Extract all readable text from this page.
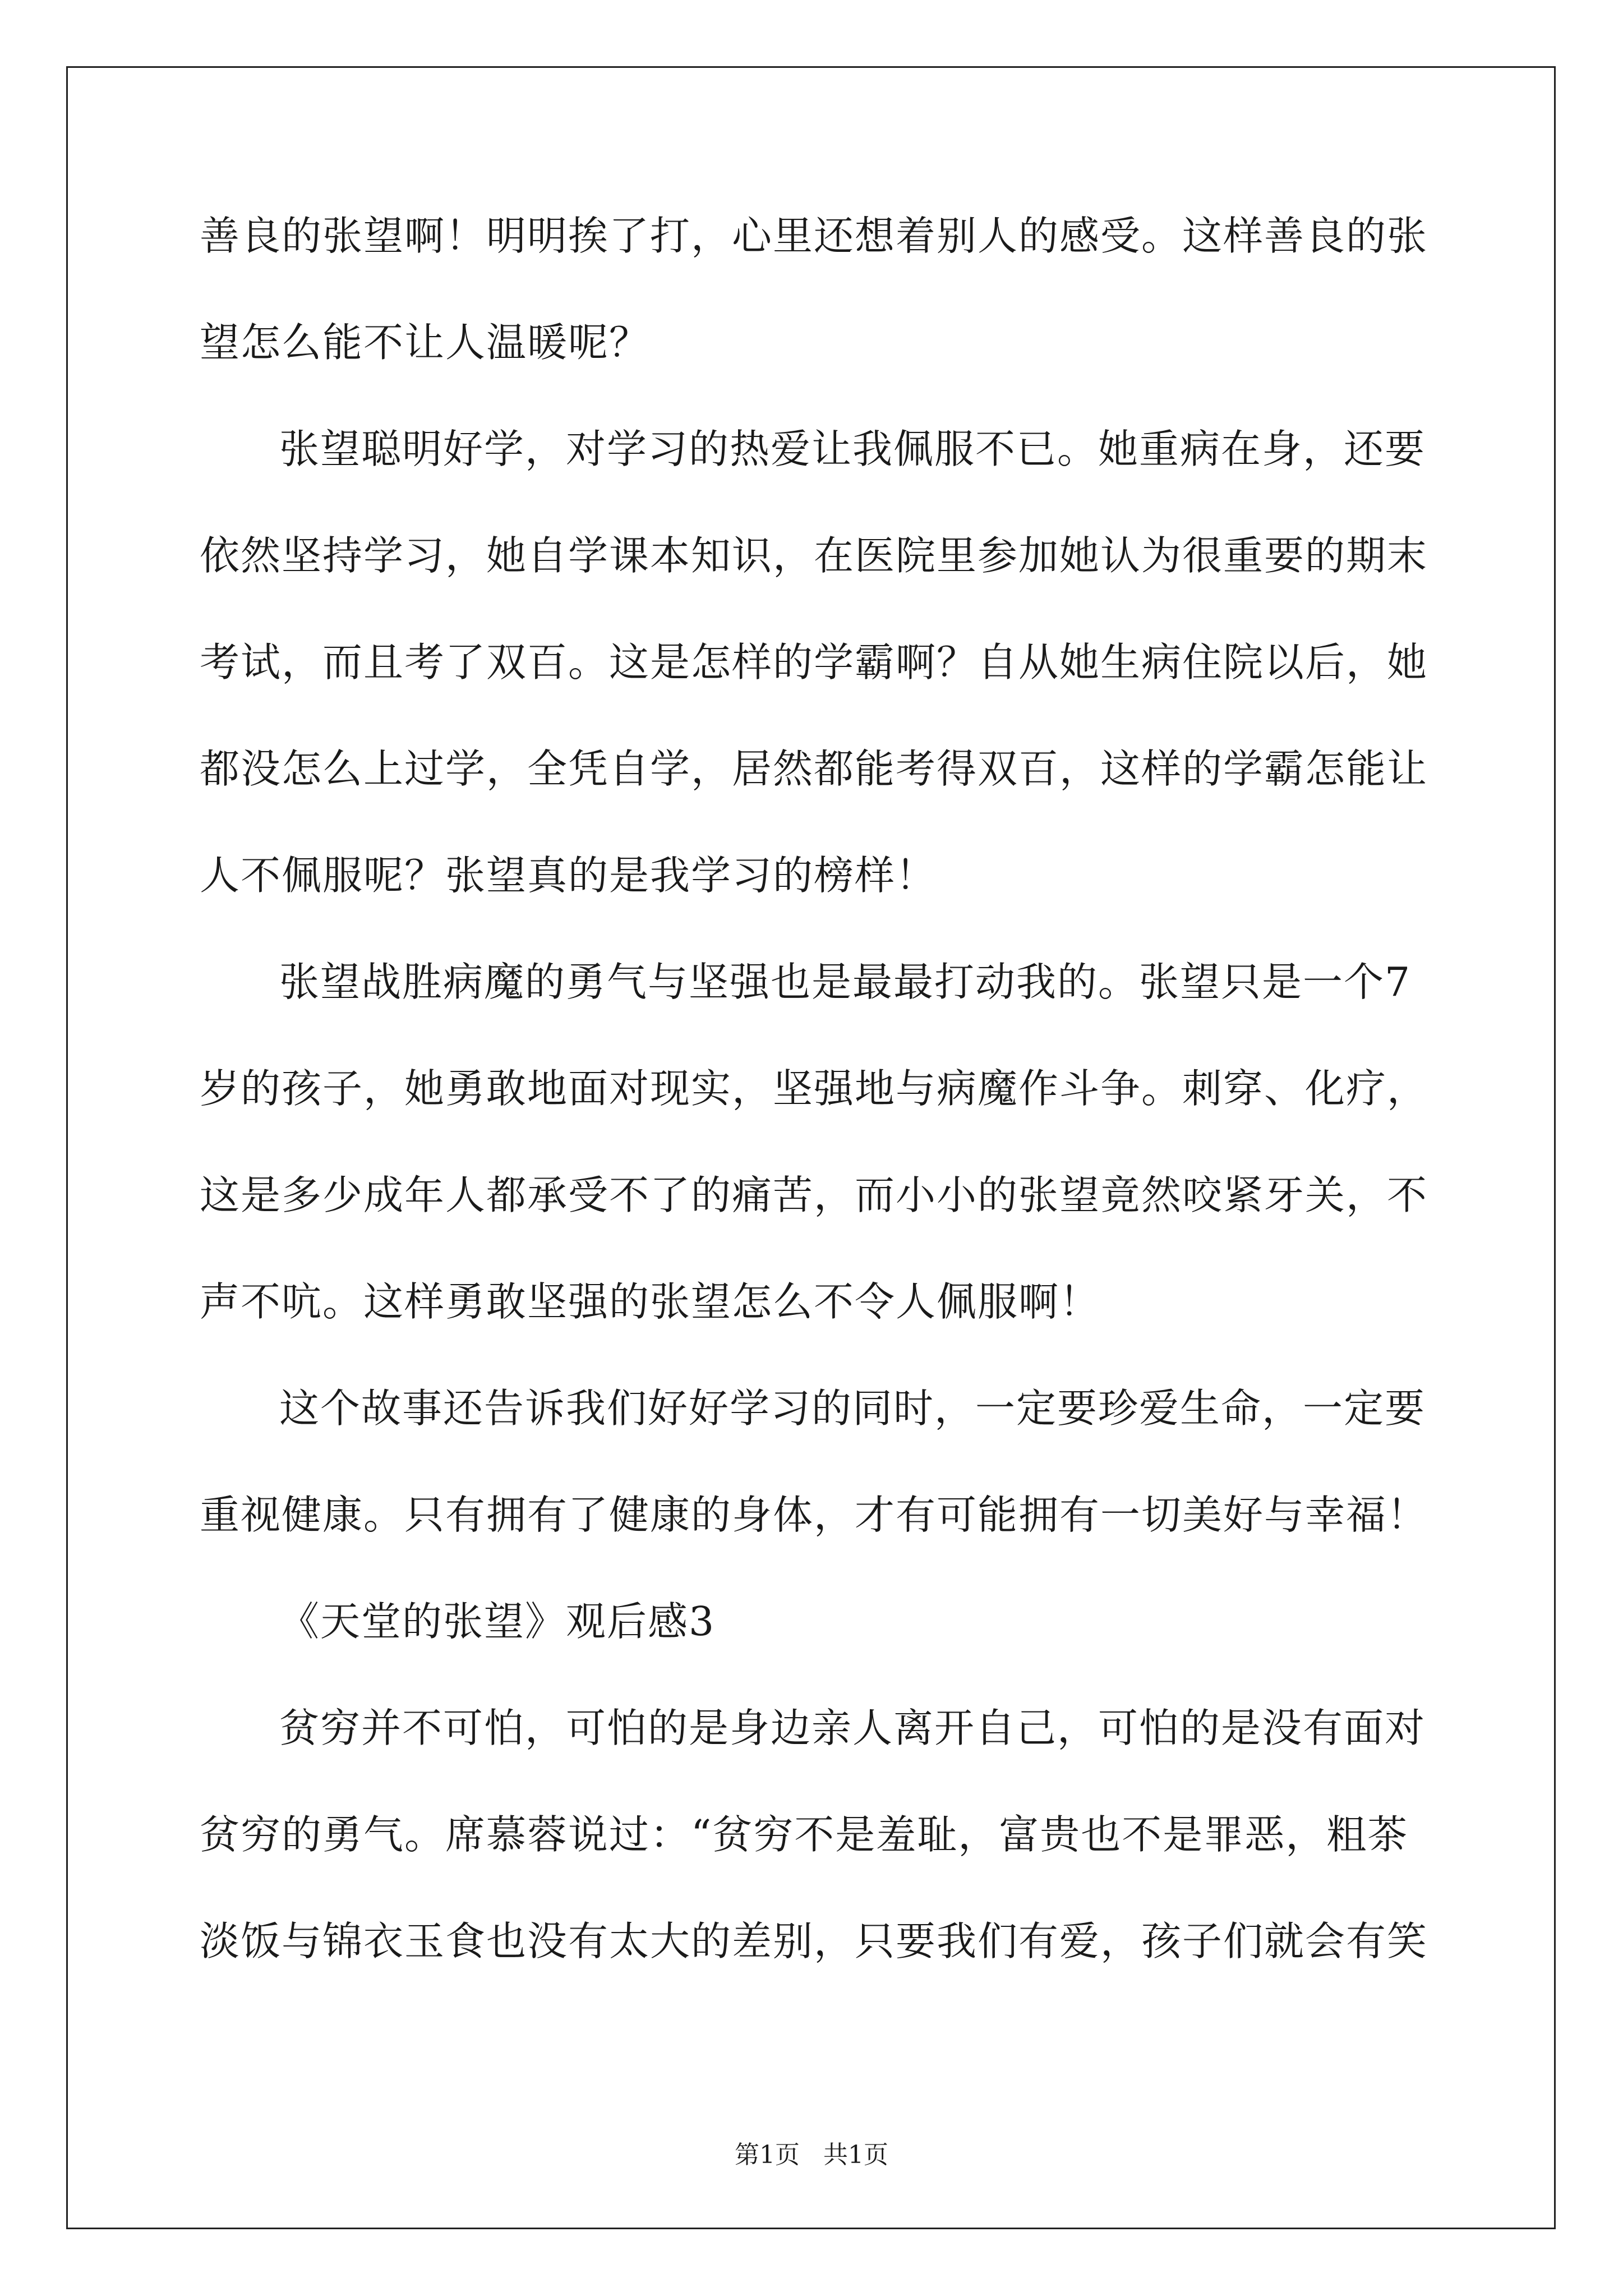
善良的张望啊！明明挨了打，心里还想着别人的感受。这样善良的张
望怎么能不让人温暖呢？
张望聪明好学，对学习的热爱让我佩服不已。她重病在身，还要
依然坚持学习，她自学课本知识，在医院里参加她认为很重要的期末
考试，而且考了双百。这是怎样的学霸啊？自从她生病住院以后，她
都没怎么上过学，全凭自学，居然都能考得双百，这样的学霸怎能让
人不佩服呢？张望真的是我学习的榜样！
张望战胜病魔的勇气与坚强也是最最打动我的。张望只是一个7
岁的孩子，她勇敢地面对现实，坚强地与病魔作斗争。刺穿、化疗，
这是多少成年人都承受不了的痛苦，而小小的张望竟然咬紧牙关，不
声不吭。这样勇敢坚强的张望怎么不令人佩服啊！
这个故事还告诉我们好好学习的同时，一定要珍爱生命，一定要
重视健康。只有拥有了健康的身体，才有可能拥有一切美好与幸福！
《天堂的张望》观后感3
贫穷并不可怕，可怕的是身边亲人离开自己，可怕的是没有面对
贫穷的勇气。席慕蓉说过：“贫穷不是羞耻，富贵也不是罪恶，粗茶
淡饭与锦衣玉食也没有太大的差别，只要我们有爱，孩子们就会有笑
第1页   共1页
